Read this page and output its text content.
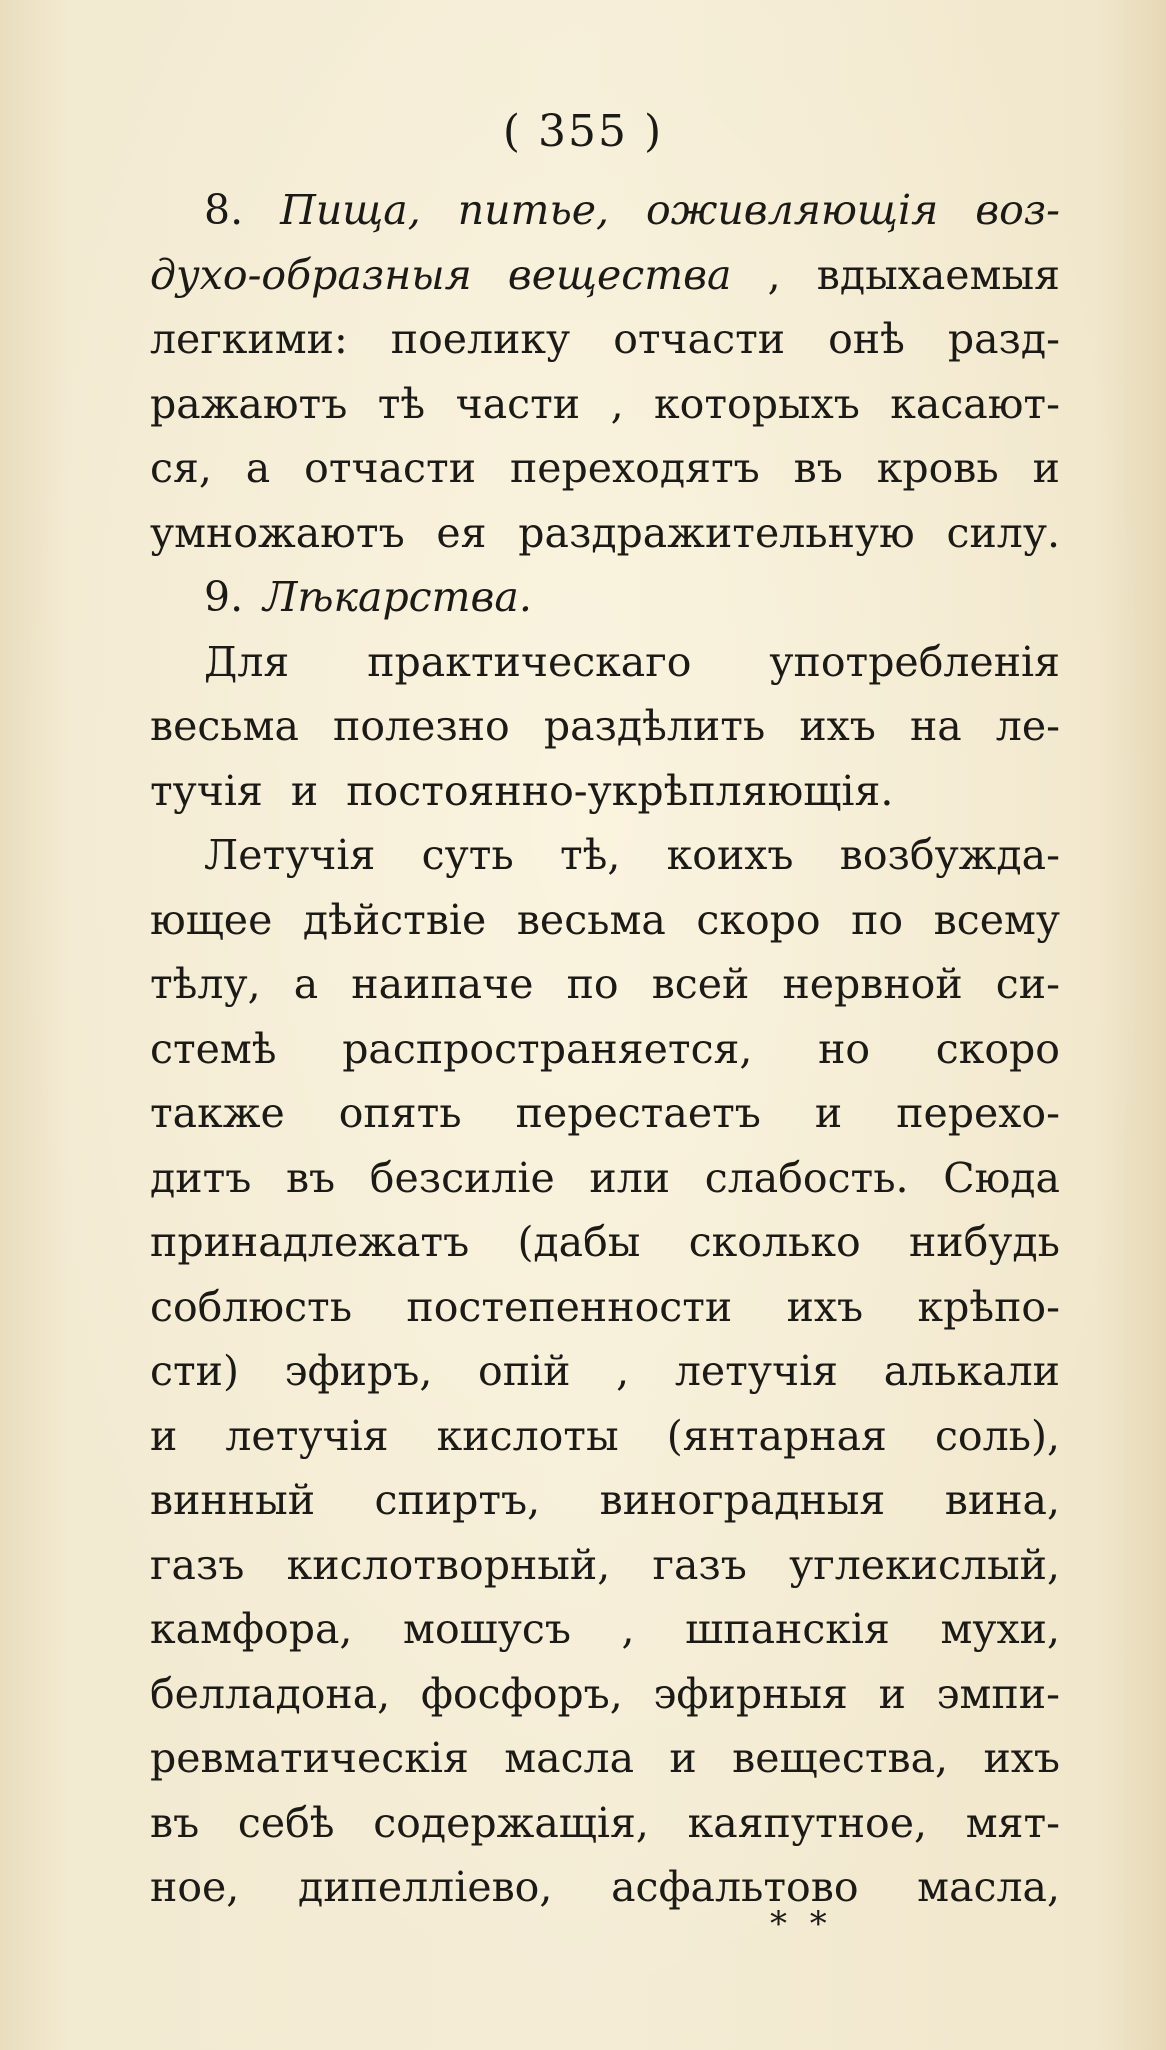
( 355 )
8. Пища, питье, оживляющія воз-
духо-образныя вещества , вдыхаемыя
легкими: поелику отчасти онѣ разд-
ражаютъ тѣ части , которыхъ касают-
ся, а отчасти переходятъ въ кровь и
умножаютъ ея раздражительную силу.
9. Лѣкарства.
Для практическаго употребленія
весьма полезно раздѣлить ихъ на ле-
тучія и постоянно-укрѣпляющія.
Летучія суть тѣ, коихъ возбужда-
ющее дѣйствіе весьма скоро по всему
тѣлу, а наипаче по всей нервной си-
стемѣ распространяется, но скоро
также опять перестаетъ и перехо-
дитъ въ безсиліе или слабость. Сюда
принадлежатъ (дабы сколько нибудь
соблюсть постепенности ихъ крѣпо-
сти) эфиръ, опій , летучія алькали
и летучія кислоты (янтарная соль),
винный спиртъ, виноградныя вина,
газъ кислотворный, газъ углекислый,
камфора, мошусъ , шпанскія мухи,
белладона, фосфоръ, эфирныя и эмпи-
ревматическія масла и вещества, ихъ
въ себѣ содержащія, каяпутное, мят-
ное, дипелліево, асфальтово масла,
* *
